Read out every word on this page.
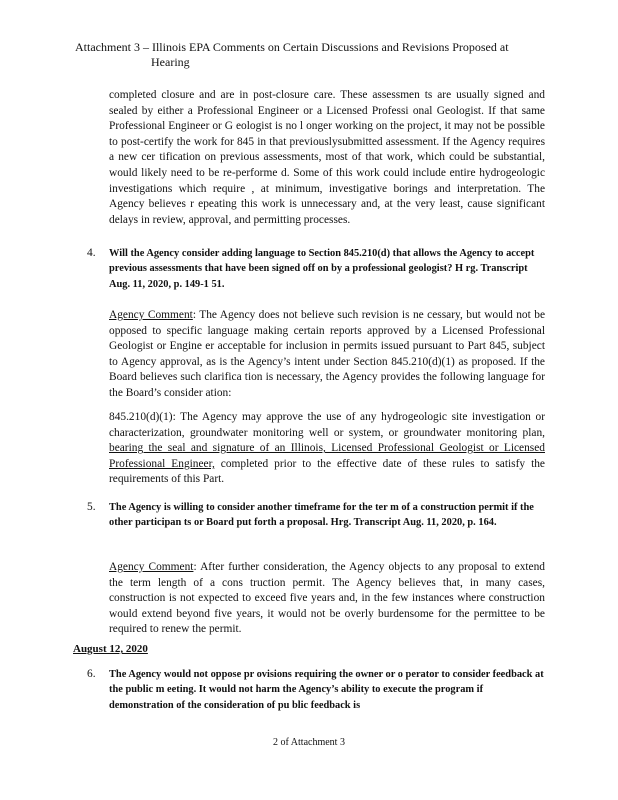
Attachment 3 – Illinois EPA Comments on Certain Discussions and Revisions Proposed at
Hearing

completed closure and are in post-closure care. These assessmen ts are usually signed and sealed by either a Professional Engineer or a Licensed Professi onal Geologist. If that same Professional Engineer or G eologist is no l onger working on the project, it may not be possible to post-certify the work for 845 in that previouslysubmitted assessment. If the Agency requires a new cer tification on previous assessments, most of that work, which could be substantial, would likely need to be re-performe d. Some of this work could include entire hydrogeologic investigations which require , at minimum, investigative borings and interpretation. The Agency believes r epeating this work is unnecessary and, at the very least, cause significant delays in review, approval, and permitting processes.

4. Will the Agency consider adding language to Section 845.210(d) that allows the Agency to accept previous assessments that have been signed off on by a professional geologist? H rg. Transcript Aug. 11, 2020, p. 149-1 51.

Agency Comment: The Agency does not believe such revision is ne cessary, but would not be opposed to specific language making certain reports approved by a Licensed Professional Geologist or Engine er acceptable for inclusion in permits issued pursuant to Part 845, subject to Agency approval, as is the Agency’s intent under Section 845.210(d)(1) as proposed. If the Board believes such clarifica tion is necessary, the Agency provides the following language for the Board’s consider ation:

845.210(d)(1): The Agency may approve the use of any hydrogeologic site investigation or characterization, groundwater monitoring well or system, or groundwater monitoring plan, bearing the seal and signature of an Illinois, Licensed Professional Geologist or Licensed Professional Engineer, completed prior to the effective date of these rules to satisfy the requirements of this Part.

5. The Agency is willing to consider another timeframe for the ter m of a construction permit if the other participan ts or Board put forth a proposal. Hrg. Transcript Aug. 11, 2020, p. 164.

Agency Comment: After further consideration, the Agency objects to any proposal to extend the term length of a cons truction permit. The Agency believes that, in many cases, construction is not expected to exceed five years and, in the few instances where construction would extend beyond five years, it would not be overly burdensome for the permittee to be required to renew the permit.

August 12, 2020
6. The Agency would not oppose pr ovisions requiring the owner or o perator to consider feedback at the public m eeting. It would not harm the Agency’s ability to execute the program if demonstration of the consideration of pu blic feedback is
2 of Attachment 3
